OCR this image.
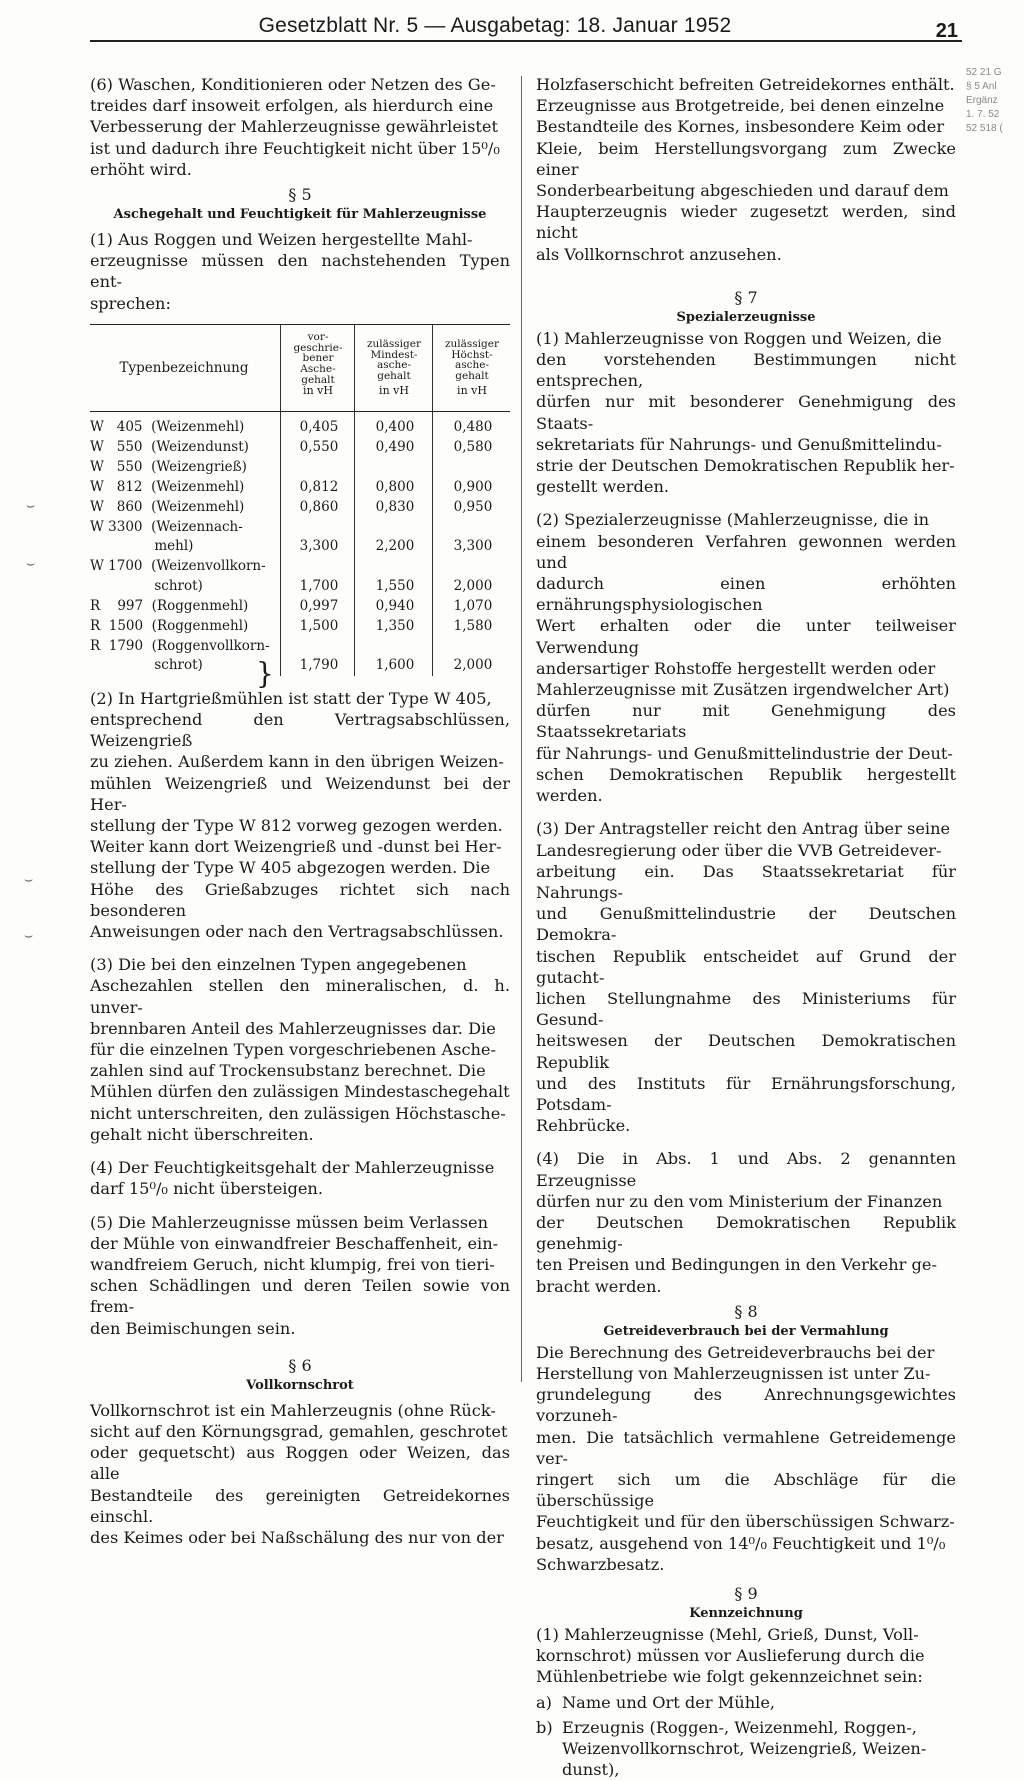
Gesetzblatt Nr. 5 — Ausgabetag: 18. Januar 1952	21
52 21 G
§ 5 Anl
Ergänz
1. 7. 52
52 518 (

(6) Waschen, Konditionieren oder Netzen des Ge-
treides darf insoweit erfolgen, als hierdurch eine
Verbesserung der Mahlerzeugnisse gewährleistet
ist und dadurch ihre Feuchtigkeit nicht über 15⁰/₀
erhöht wird.

§ 5
Aschegehalt und Feuchtigkeit für Mahlerzeugnisse

(1) Aus Roggen und Weizen hergestellte Mahl-
erzeugnisse müssen den nachstehenden Typen ent-
sprechen:

Typenbezeichnung
vor-
geschrie-
bener
Asche-
gehalt
in vH
zulässiger
Mindest-
asche-
gehalt
in vH
zulässiger
Höchst-
asche-
gehalt
in vH
W   405  (Weizenmehl)	0,405	0,400	0,480
W   550  (Weizendunst)	0,550	0,490	0,580
W   550  (Weizengrieß)
W   812  (Weizenmehl)	0,812	0,800	0,900
W   860  (Weizenmehl)	0,860	0,830	0,950
W 3300  (Weizennach-
mehl)	3,300	2,200	3,300
W 1700  (Weizenvollkorn-
schrot)	1,700	1,550	2,000
R    997  (Roggenmehl)	0,997	0,940	1,070
R  1500  (Roggenmehl)	1,500	1,350	1,580
R  1790  (Roggenvollkorn-
schrot)	1,790	1,600	2,000
}

(2) In Hartgrießmühlen ist statt der Type W 405,
entsprechend den Vertragsabschlüssen, Weizengrieß
zu ziehen. Außerdem kann in den übrigen Weizen-
mühlen Weizengrieß und Weizendunst bei der Her-
stellung der Type W 812 vorweg gezogen werden.
Weiter kann dort Weizengrieß und -dunst bei Her-
stellung der Type W 405 abgezogen werden. Die
Höhe des Grießabzuges richtet sich nach besonderen
Anweisungen oder nach den Vertragsabschlüssen.

(3) Die bei den einzelnen Typen angegebenen
Aschezahlen stellen den mineralischen, d. h. unver-
brennbaren Anteil des Mahlerzeugnisses dar. Die
für die einzelnen Typen vorgeschriebenen Asche-
zahlen sind auf Trockensubstanz berechnet. Die
Mühlen dürfen den zulässigen Mindestaschegehalt
nicht unterschreiten, den zulässigen Höchstasche-
gehalt nicht überschreiten.

(4) Der Feuchtigkeitsgehalt der Mahlerzeugnisse
darf 15⁰/₀ nicht übersteigen.

(5) Die Mahlerzeugnisse müssen beim Verlassen
der Mühle von einwandfreier Beschaffenheit, ein-
wandfreiem Geruch, nicht klumpig, frei von tieri-
schen Schädlingen und deren Teilen sowie von frem-
den Beimischungen sein.

§ 6
Vollkornschrot

Vollkornschrot ist ein Mahlerzeugnis (ohne Rück-
sicht auf den Körnungsgrad, gemahlen, geschrotet
oder gequetscht) aus Roggen oder Weizen, das alle
Bestandteile des gereinigten Getreidekornes einschl.
des Keimes oder bei Naßschälung des nur von der

Holzfaserschicht befreiten Getreidekornes enthält.
Erzeugnisse aus Brotgetreide, bei denen einzelne
Bestandteile des Kornes, insbesondere Keim oder
Kleie, beim Herstellungsvorgang zum Zwecke einer
Sonderbearbeitung abgeschieden und darauf dem
Haupterzeugnis wieder zugesetzt werden, sind nicht
als Vollkornschrot anzusehen.

§ 7
Spezialerzeugnisse

(1) Mahlerzeugnisse von Roggen und Weizen, die
den vorstehenden Bestimmungen nicht entsprechen,
dürfen nur mit besonderer Genehmigung des Staats-
sekretariats für Nahrungs- und Genußmittelindu-
strie der Deutschen Demokratischen Republik her-
gestellt werden.

(2) Spezialerzeugnisse (Mahlerzeugnisse, die in
einem besonderen Verfahren gewonnen werden und
dadurch einen erhöhten ernährungsphysiologischen
Wert erhalten oder die unter teilweiser Verwendung
andersartiger Rohstoffe hergestellt werden oder
Mahlerzeugnisse mit Zusätzen irgendwelcher Art)
dürfen nur mit Genehmigung des Staatssekretariats
für Nahrungs- und Genußmittelindustrie der Deut-
schen Demokratischen Republik hergestellt werden.

(3) Der Antragsteller reicht den Antrag über seine
Landesregierung oder über die VVB Getreidever-
arbeitung ein. Das Staatssekretariat für Nahrungs-
und Genußmittelindustrie der Deutschen Demokra-
tischen Republik entscheidet auf Grund der gutacht-
lichen Stellungnahme des Ministeriums für Gesund-
heitswesen der Deutschen Demokratischen Republik
und des Instituts für Ernährungsforschung, Potsdam-
Rehbrücke.

(4) Die in Abs. 1 und Abs. 2 genannten Erzeugnisse
dürfen nur zu den vom Ministerium der Finanzen
der Deutschen Demokratischen Republik genehmig-
ten Preisen und Bedingungen in den Verkehr ge-
bracht werden.

§ 8
Getreideverbrauch bei der Vermahlung

Die Berechnung des Getreideverbrauchs bei der
Herstellung von Mahlerzeugnissen ist unter Zu-
grundelegung des Anrechnungsgewichtes vorzuneh-
men. Die tatsächlich vermahlene Getreidemenge ver-
ringert sich um die Abschläge für die überschüssige
Feuchtigkeit und für den überschüssigen Schwarz-
besatz, ausgehend von 14⁰/₀ Feuchtigkeit und 1⁰/₀
Schwarzbesatz.

§ 9
Kennzeichnung

(1) Mahlerzeugnisse (Mehl, Grieß, Dunst, Voll-
kornschrot) müssen vor Auslieferung durch die
Mühlenbetriebe wie folgt gekennzeichnet sein:

a) Name und Ort der Mühle,
b) Erzeugnis (Roggen-, Weizenmehl, Roggen-,
Weizenvollkornschrot, Weizengrieß, Weizen-
dunst),
⌣
⌣
⌣
⌣
